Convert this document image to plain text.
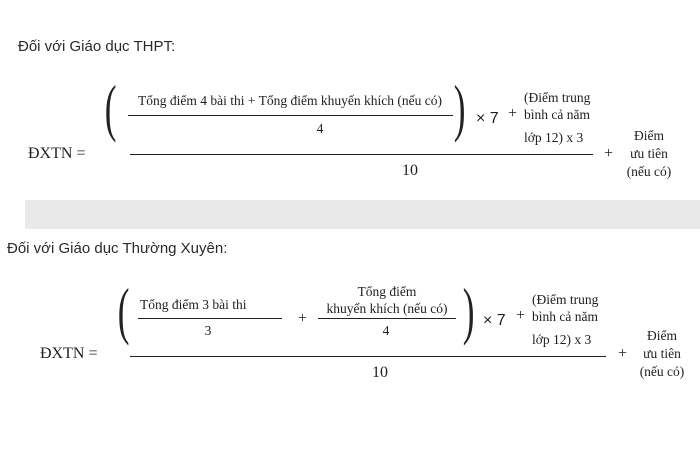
Đối với Giáo dục THPT:
(	Tổng điểm 4 bài thi + Tổng điểm khuyến khích (nếu có)
4 ) × 7 +
(Điểm trung
bình cả năm
lớp 12) x 3
ĐXTN =
10
+
Điểm
ưu tiên
(nếu có)
Đối với Giáo dục Thường Xuyên:
( Tổng điểm 3 bài thi
3
+
Tổng điểm
khuyến khích (nếu có)
4 ) × 7 +
(Điểm trung
bình cả năm
lớp 12) x 3
ĐXTN =
10
+
Điểm
ưu tiên
(nếu có)
